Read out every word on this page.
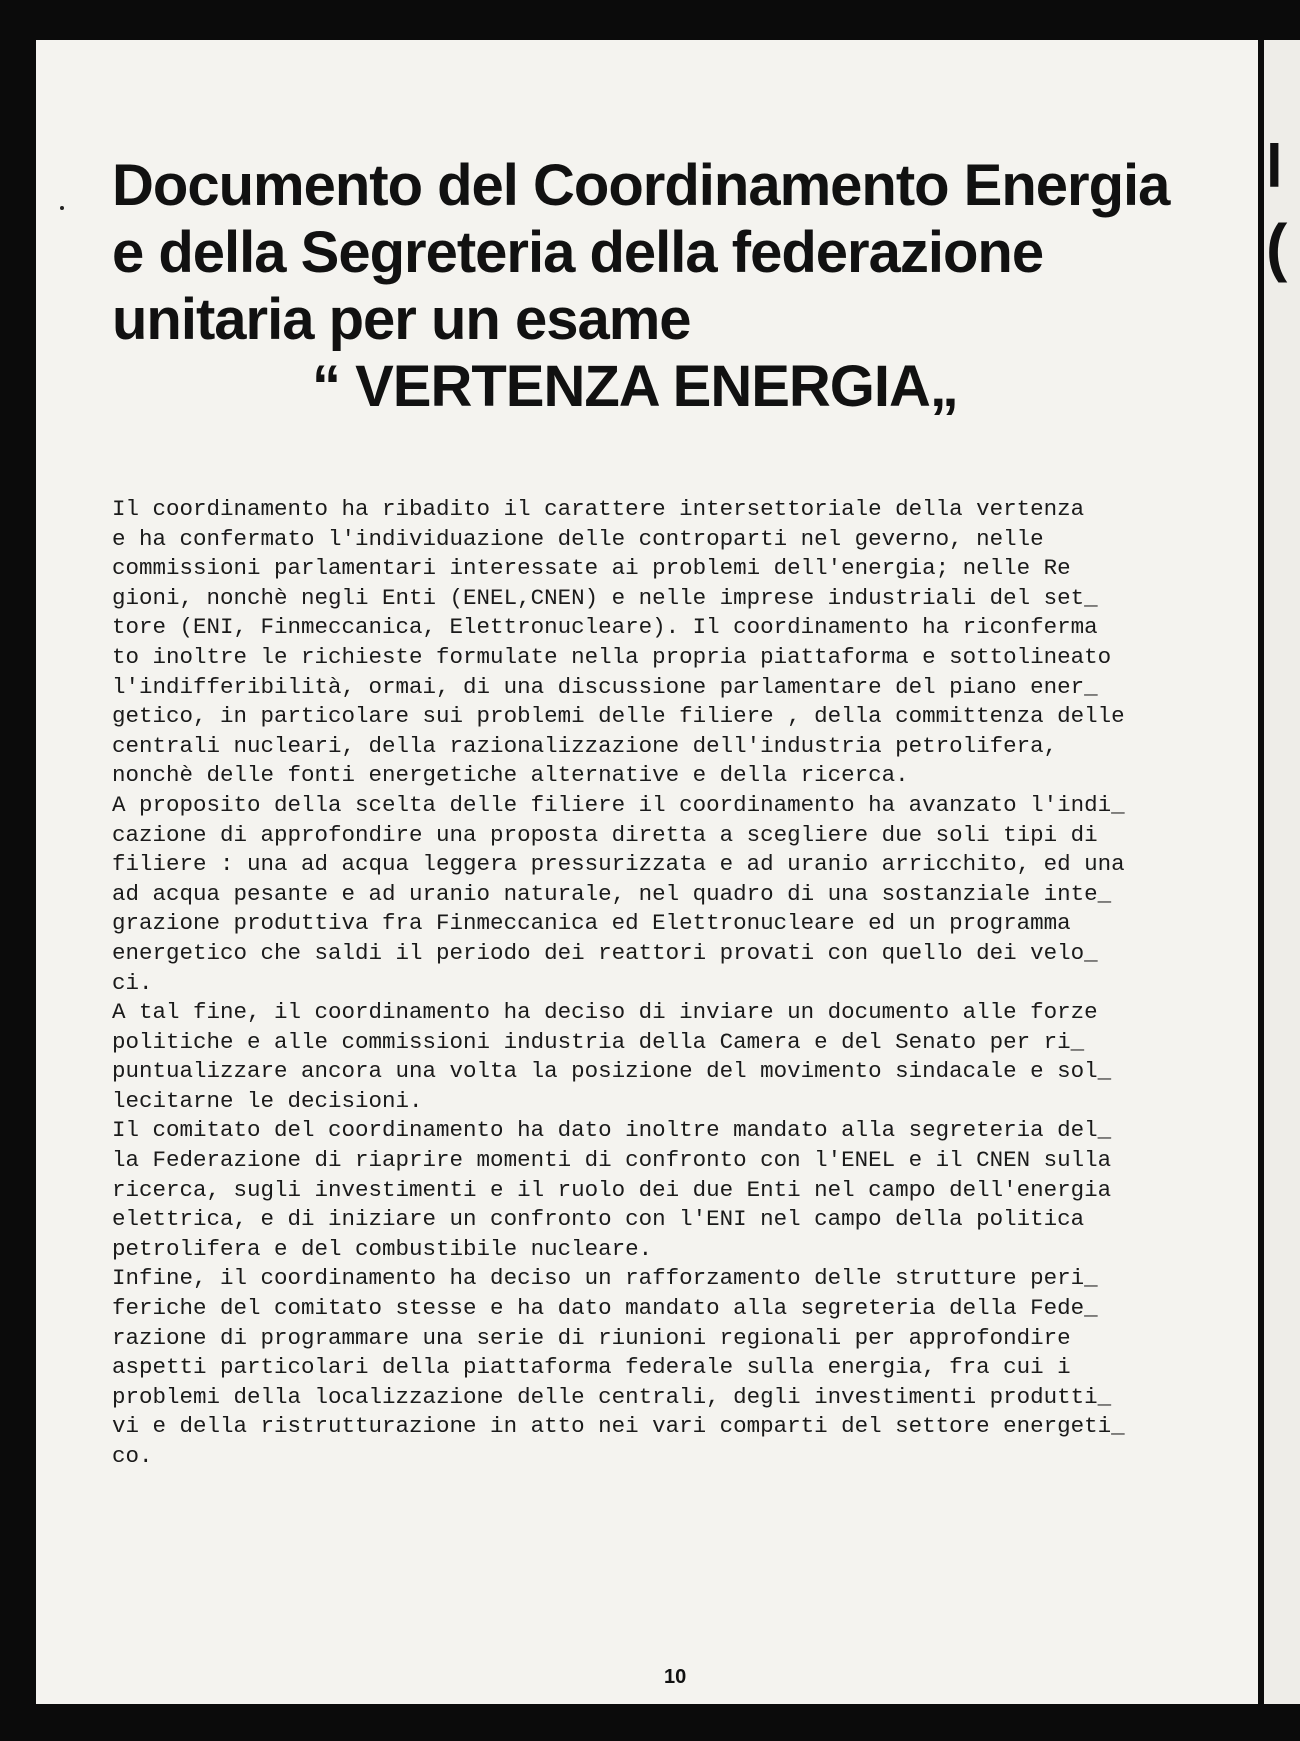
Documento del Coordinamento Energia
e della Segreteria della federazione
unitaria per un esame
“ VERTENZA ENERGIA„
Il coordinamento ha ribadito il carattere intersettoriale della vertenza
e ha confermato l'individuazione delle controparti nel geverno, nelle
commissioni parlamentari interessate ai problemi dell'energia; nelle Re
gioni, nonchè negli Enti (ENEL,CNEN) e nelle imprese industriali del set_
tore (ENI, Finmeccanica, Elettronucleare). Il coordinamento ha riconferma
to inoltre le richieste formulate nella propria piattaforma e sottolineato
l'indifferibilità, ormai, di una discussione parlamentare del piano ener_
getico, in particolare sui problemi delle filiere , della committenza delle
centrali nucleari, della razionalizzazione dell'industria petrolifera,
nonchè delle fonti energetiche alternative e della ricerca.
A proposito della scelta delle filiere il coordinamento ha avanzato l'indi_
cazione di approfondire una proposta diretta a scegliere due soli tipi di
filiere : una ad acqua leggera pressurizzata e ad uranio arricchito, ed una
ad acqua pesante e ad uranio naturale, nel quadro di una sostanziale inte_
grazione produttiva fra Finmeccanica ed Elettronucleare ed un programma
energetico che saldi il periodo dei reattori provati con quello dei velo_
ci.
A tal fine, il coordinamento ha deciso di inviare un documento alle forze
politiche e alle commissioni industria della Camera e del Senato per ri_
puntualizzare ancora una volta la posizione del movimento sindacale e sol_
lecitarne le decisioni.
Il comitato del coordinamento ha dato inoltre mandato alla segreteria del_
la Federazione di riaprire momenti di confronto con l'ENEL e il CNEN sulla
ricerca, sugli investimenti e il ruolo dei due Enti nel campo dell'energia
elettrica, e di iniziare un confronto con l'ENI nel campo della politica
petrolifera e del combustibile nucleare.
Infine, il coordinamento ha deciso un rafforzamento delle strutture peri_
feriche del comitato stesse e ha dato mandato alla segreteria della Fede_
razione di programmare una serie di riunioni regionali per approfondire
aspetti particolari della piattaforma federale sulla energia, fra cui i
problemi della localizzazione delle centrali, degli investimenti produtti_
vi e della ristrutturazione in atto nei vari comparti del settore energeti_
co.
10
l
(
